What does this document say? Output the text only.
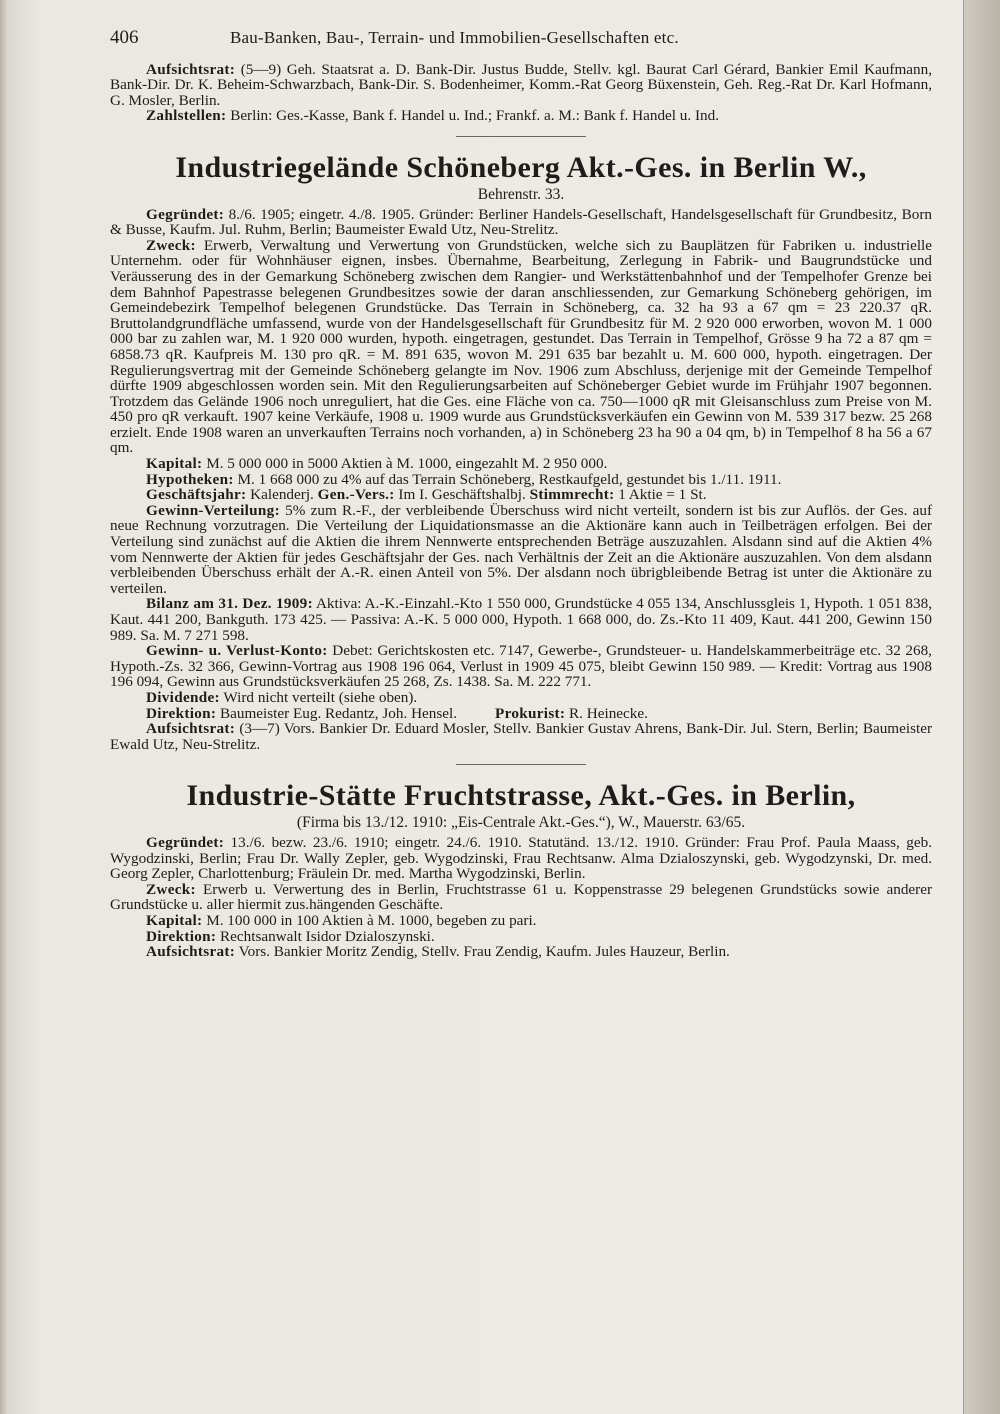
406	Bau-Banken, Bau-, Terrain- und Immobilien-Gesellschaften etc.

Aufsichtsrat: (5—9) Geh. Staatsrat a. D. Bank-Dir. Justus Budde, Stellv. kgl. Baurat Carl Gérard, Bankier Emil Kaufmann, Bank-Dir. Dr. K. Beheim-Schwarzbach, Bank-Dir. S. Bodenheimer, Komm.-Rat Georg Büxenstein, Geh. Reg.-Rat Dr. Karl Hofmann, G. Mosler, Berlin.

Zahlstellen: Berlin: Ges.-Kasse, Bank f. Handel u. Ind.; Frankf. a. M.: Bank f. Handel u. Ind.

Industriegelände Schöneberg Akt.-Ges. in Berlin W.,
Behrenstr. 33.

Gegründet: 8./6. 1905; eingetr. 4./8. 1905. Gründer: Berliner Handels-Gesellschaft, Handelsgesellschaft für Grundbesitz, Born & Busse, Kaufm. Jul. Ruhm, Berlin; Baumeister Ewald Utz, Neu-Strelitz.

Zweck: Erwerb, Verwaltung und Verwertung von Grundstücken, welche sich zu Bauplätzen für Fabriken u. industrielle Unternehm. oder für Wohnhäuser eignen, insbes. Übernahme, Bearbeitung, Zerlegung in Fabrik- und Baugrundstücke und Veräusserung des in der Gemarkung Schöneberg zwischen dem Rangier- und Werkstättenbahnhof und der Tempelhofer Grenze bei dem Bahnhof Papestrasse belegenen Grundbesitzes sowie der daran anschliessenden, zur Gemarkung Schöneberg gehörigen, im Gemeindebezirk Tempelhof belegenen Grundstücke. Das Terrain in Schöneberg, ca. 32 ha 93 a 67 qm = 23 220.37 qR. Bruttolandgrundfläche umfassend, wurde von der Handelsgesellschaft für Grundbesitz für M. 2 920 000 erworben, wovon M. 1 000 000 bar zu zahlen war, M. 1 920 000 wurden, hypoth. eingetragen, gestundet. Das Terrain in Tempelhof, Grösse 9 ha 72 a 87 qm = 6858.73 qR. Kaufpreis M. 130 pro qR. = M. 891 635, wovon M. 291 635 bar bezahlt u. M. 600 000, hypoth. eingetragen. Der Regulierungsvertrag mit der Gemeinde Schöneberg gelangte im Nov. 1906 zum Abschluss, derjenige mit der Gemeinde Tempelhof dürfte 1909 abgeschlossen worden sein. Mit den Regulierungsarbeiten auf Schöneberger Gebiet wurde im Frühjahr 1907 begonnen. Trotzdem das Gelände 1906 noch unreguliert, hat die Ges. eine Fläche von ca. 750—1000 qR mit Gleisanschluss zum Preise von M. 450 pro qR verkauft. 1907 keine Verkäufe, 1908 u. 1909 wurde aus Grundstücksverkäufen ein Gewinn von M. 539 317 bezw. 25 268 erzielt. Ende 1908 waren an unverkauften Terrains noch vorhanden, a) in Schöneberg 23 ha 90 a 04 qm, b) in Tempelhof 8 ha 56 a 67 qm.

Kapital: M. 5 000 000 in 5000 Aktien à M. 1000, eingezahlt M. 2 950 000.

Hypotheken: M. 1 668 000 zu 4% auf das Terrain Schöneberg, Restkaufgeld, gestundet bis 1./11. 1911.

Geschäftsjahr: Kalenderj. Gen.-Vers.: Im I. Geschäftshalbj. Stimmrecht: 1 Aktie = 1 St.

Gewinn-Verteilung: 5% zum R.-F., der verbleibende Überschuss wird nicht verteilt, sondern ist bis zur Auflös. der Ges. auf neue Rechnung vorzutragen. Die Verteilung der Liquidationsmasse an die Aktionäre kann auch in Teilbeträgen erfolgen. Bei der Verteilung sind zunächst auf die Aktien die ihrem Nennwerte entsprechenden Beträge auszuzahlen. Alsdann sind auf die Aktien 4% vom Nennwerte der Aktien für jedes Geschäftsjahr der Ges. nach Verhältnis der Zeit an die Aktionäre auszuzahlen. Von dem alsdann verbleibenden Überschuss erhält der A.-R. einen Anteil von 5%. Der alsdann noch übrigbleibende Betrag ist unter die Aktionäre zu verteilen.

Bilanz am 31. Dez. 1909: Aktiva: A.-K.-Einzahl.-Kto 1 550 000, Grundstücke 4 055 134, Anschlussgleis 1, Hypoth. 1 051 838, Kaut. 441 200, Bankguth. 173 425. — Passiva: A.-K. 5 000 000, Hypoth. 1 668 000, do. Zs.-Kto 11 409, Kaut. 441 200, Gewinn 150 989. Sa. M. 7 271 598.

Gewinn- u. Verlust-Konto: Debet: Gerichtskosten etc. 7147, Gewerbe-, Grundsteuer- u. Handelskammerbeiträge etc. 32 268, Hypoth.-Zs. 32 366, Gewinn-Vortrag aus 1908 196 064, Verlust in 1909 45 075, bleibt Gewinn 150 989. — Kredit: Vortrag aus 1908 196 094, Gewinn aus Grundstücksverkäufen 25 268, Zs. 1438. Sa. M. 222 771.

Dividende: Wird nicht verteilt (siehe oben).

Direktion: Baumeister Eug. Redantz, Joh. Hensel. Prokurist: R. Heinecke.

Aufsichtsrat: (3—7) Vors. Bankier Dr. Eduard Mosler, Stellv. Bankier Gustav Ahrens, Bank-Dir. Jul. Stern, Berlin; Baumeister Ewald Utz, Neu-Strelitz.

Industrie-Stätte Fruchtstrasse, Akt.-Ges. in Berlin,
(Firma bis 13./12. 1910: „Eis-Centrale Akt.-Ges.“), W., Mauerstr. 63/65.

Gegründet: 13./6. bezw. 23./6. 1910; eingetr. 24./6. 1910. Statutänd. 13./12. 1910. Gründer: Frau Prof. Paula Maass, geb. Wygodzinski, Berlin; Frau Dr. Wally Zepler, geb. Wygodzinski, Frau Rechtsanw. Alma Dzialoszynski, geb. Wygodzynski, Dr. med. Georg Zepler, Charlottenburg; Fräulein Dr. med. Martha Wygodzinski, Berlin.

Zweck: Erwerb u. Verwertung des in Berlin, Fruchtstrasse 61 u. Koppenstrasse 29 belegenen Grundstücks sowie anderer Grundstücke u. aller hiermit zus.hängenden Geschäfte.

Kapital: M. 100 000 in 100 Aktien à M. 1000, begeben zu pari.

Direktion: Rechtsanwalt Isidor Dzialoszynski.

Aufsichtsrat: Vors. Bankier Moritz Zendig, Stellv. Frau Zendig, Kaufm. Jules Hauzeur, Berlin.
